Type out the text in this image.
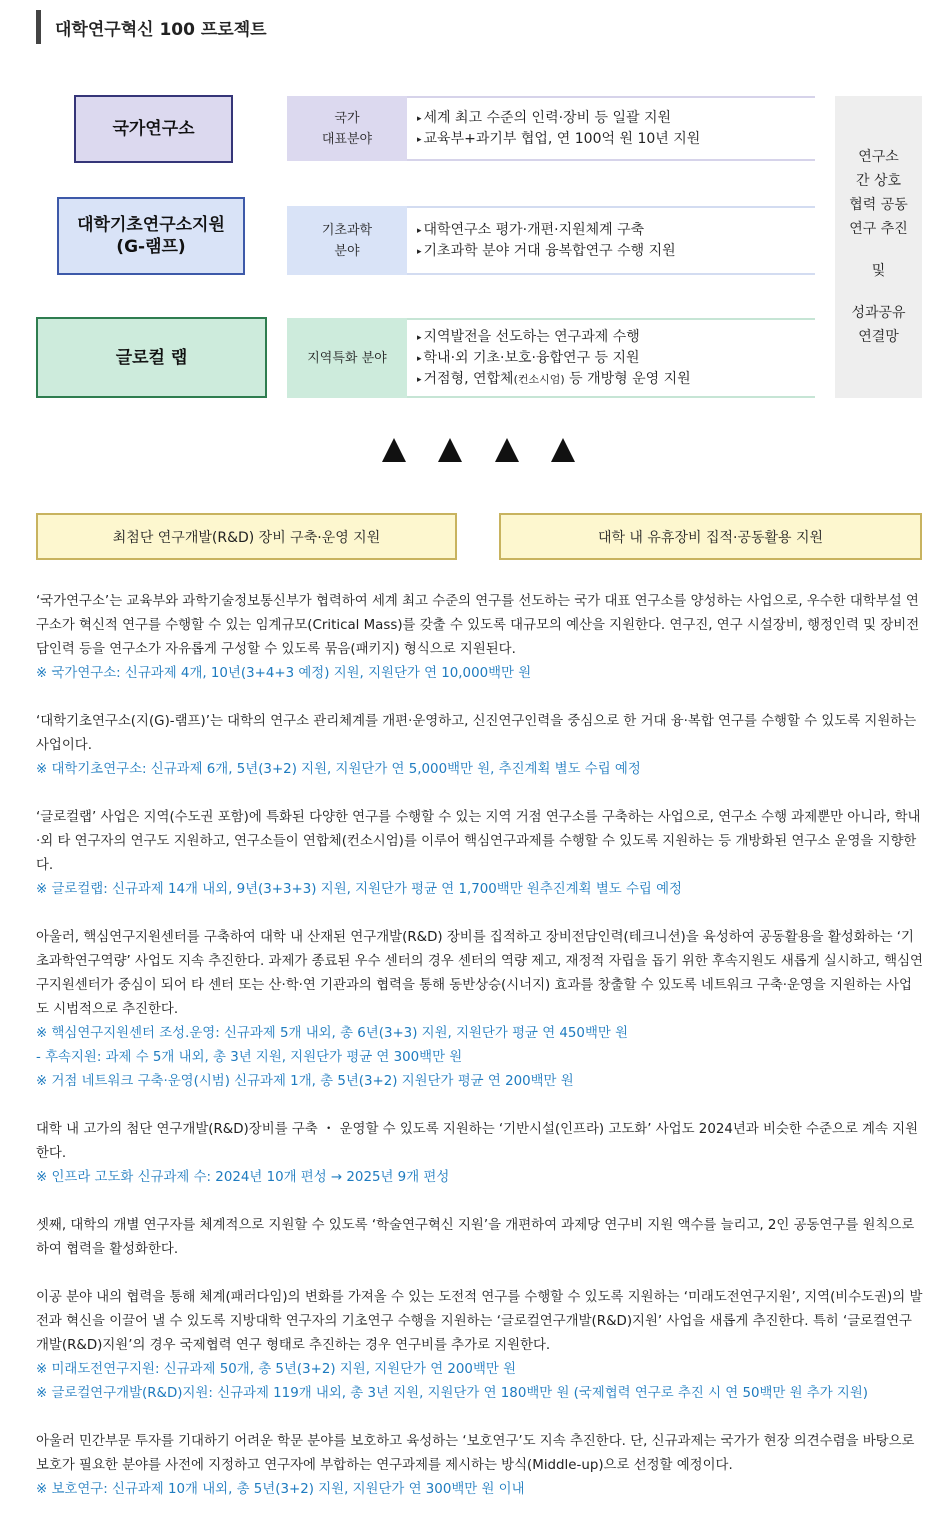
대학연구혁신 100 프로젝트
국가연구소
대학기초연구소지원
(G-램프)
글로컬 랩
국가
대표분야
기초과학
분야
지역특화 분야
▸ 세계 최고 수준의 인력·장비 등 일괄 지원
▸ 교육부+과기부 협업, 연 100억 원 10년 지원
▸ 대학연구소 평가·개편·지원체계 구축
▸ 기초과학 분야 거대 융복합연구 수행 지원
▸ 지역발전을 선도하는 연구과제 수행
▸ 학내·외 기초·보호·융합연구 등 지원
▸ 거점형, 연합체(컨소시엄) 등 개방형 운영 지원
연구소
간 상호
협력 공동
연구 추진
및
성과공유
연결망
최첨단 연구개발(R&D) 장비 구축·운영 지원	대학 내 유휴장비 집적·공동활용 지원

‘국가연구소’는 교육부와 과학기술정보통신부가 협력하여 세계 최고 수준의 연구를 선도하는 국가 대표 연구소를 양성하는 사업으로, 우수한 대학부설 연구소가 혁신적 연구를 수행할 수 있는 임계규모(Critical Mass)를 갖출 수 있도록 대규모의 예산을 지원한다. 연구진, 연구 시설장비, 행정인력 및 장비전담인력 등을 연구소가 자유롭게 구성할 수 있도록 묶음(패키지) 형식으로 지원된다.

※ 국가연구소: 신규과제 4개, 10년(3+4+3 예정) 지원, 지원단가 연 10,000백만 원

‘대학기초연구소(지(G)-램프)’는 대학의 연구소 관리체계를 개편·운영하고, 신진연구인력을 중심으로 한 거대 융·복합 연구를 수행할 수 있도록 지원하는 사업이다.

※ 대학기초연구소: 신규과제 6개, 5년(3+2) 지원, 지원단가 연 5,000백만 원, 추진계획 별도 수립 예정

‘글로컬랩’ 사업은 지역(수도권 포함)에 특화된 다양한 연구를 수행할 수 있는 지역 거점 연구소를 구축하는 사업으로, 연구소 수행 과제뿐만 아니라, 학내·외 타 연구자의 연구도 지원하고, 연구소들이 연합체(컨소시엄)를 이루어 핵심연구과제를 수행할 수 있도록 지원하는 등 개방화된 연구소 운영을 지향한다.

※ 글로컬랩: 신규과제 14개 내외, 9년(3+3+3) 지원, 지원단가 평균 연 1,700백만 원추진계획 별도 수립 예정

아울러, 핵심연구지원센터를 구축하여 대학 내 산재된 연구개발(R&D) 장비를 집적하고 장비전담인력(테크니션)을 육성하여 공동활용을 활성화하는 ‘기초과학연구역량’ 사업도 지속 추진한다. 과제가 종료된 우수 센터의 경우 센터의 역량 제고, 재정적 자립을 돕기 위한 후속지원도 새롭게 실시하고, 핵심연구지원센터가 중심이 되어 타 센터 또는 산·학·연 기관과의 협력을 통해 동반상승(시너지) 효과를 창출할 수 있도록 네트워크 구축·운영을 지원하는 사업도 시범적으로 추진한다.

※ 핵심연구지원센터 조성.운영: 신규과제 5개 내외, 총 6년(3+3) 지원, 지원단가 평균 연 450백만 원

- 후속지원: 과제 수 5개 내외, 총 3년 지원, 지원단가 평균 연 300백만 원

※ 거점 네트워크 구축·운영(시범) 신규과제 1개, 총 5년(3+2) 지원단가 평균 연 200백만 원

대학 내 고가의 첨단 연구개발(R&D)장비를 구축 ・ 운영할 수 있도록 지원하는 ‘기반시설(인프라) 고도화’ 사업도 2024년과 비슷한 수준으로 계속 지원한다.

※ 인프라 고도화 신규과제 수: 2024년 10개 편성 → 2025년 9개 편성

셋째, 대학의 개별 연구자를 체계적으로 지원할 수 있도록 ‘학술연구혁신 지원’을 개편하여 과제당 연구비 지원 액수를 늘리고, 2인 공동연구를 원칙으로 하여 협력을 활성화한다.

이공 분야 내의 협력을 통해 체계(패러다임)의 변화를 가져올 수 있는 도전적 연구를 수행할 수 있도록 지원하는 ‘미래도전연구지원’, 지역(비수도권)의 발전과 혁신을 이끌어 낼 수 있도록 지방대학 연구자의 기초연구 수행을 지원하는 ‘글로컬연구개발(R&D)지원’ 사업을 새롭게 추진한다. 특히 ‘글로컬연구개발(R&D)지원’의 경우 국제협력 연구 형태로 추진하는 경우 연구비를 추가로 지원한다.

※ 미래도전연구지원: 신규과제 50개, 총 5년(3+2) 지원, 지원단가 연 200백만 원

※ 글로컬연구개발(R&D)지원: 신규과제 119개 내외, 총 3년 지원, 지원단가 연 180백만 원 (국제협력 연구로 추진 시 연 50백만 원 추가 지원)

아울러 민간부문 투자를 기대하기 어려운 학문 분야를 보호하고 육성하는 ‘보호연구’도 지속 추진한다. 단, 신규과제는 국가가 현장 의견수렴을 바탕으로 보호가 필요한 분야를 사전에 지정하고 연구자에 부합하는 연구과제를 제시하는 방식(Middle-up)으로 선정할 예정이다.

※ 보호연구: 신규과제 10개 내외, 총 5년(3+2) 지원, 지원단가 연 300백만 원 이내
